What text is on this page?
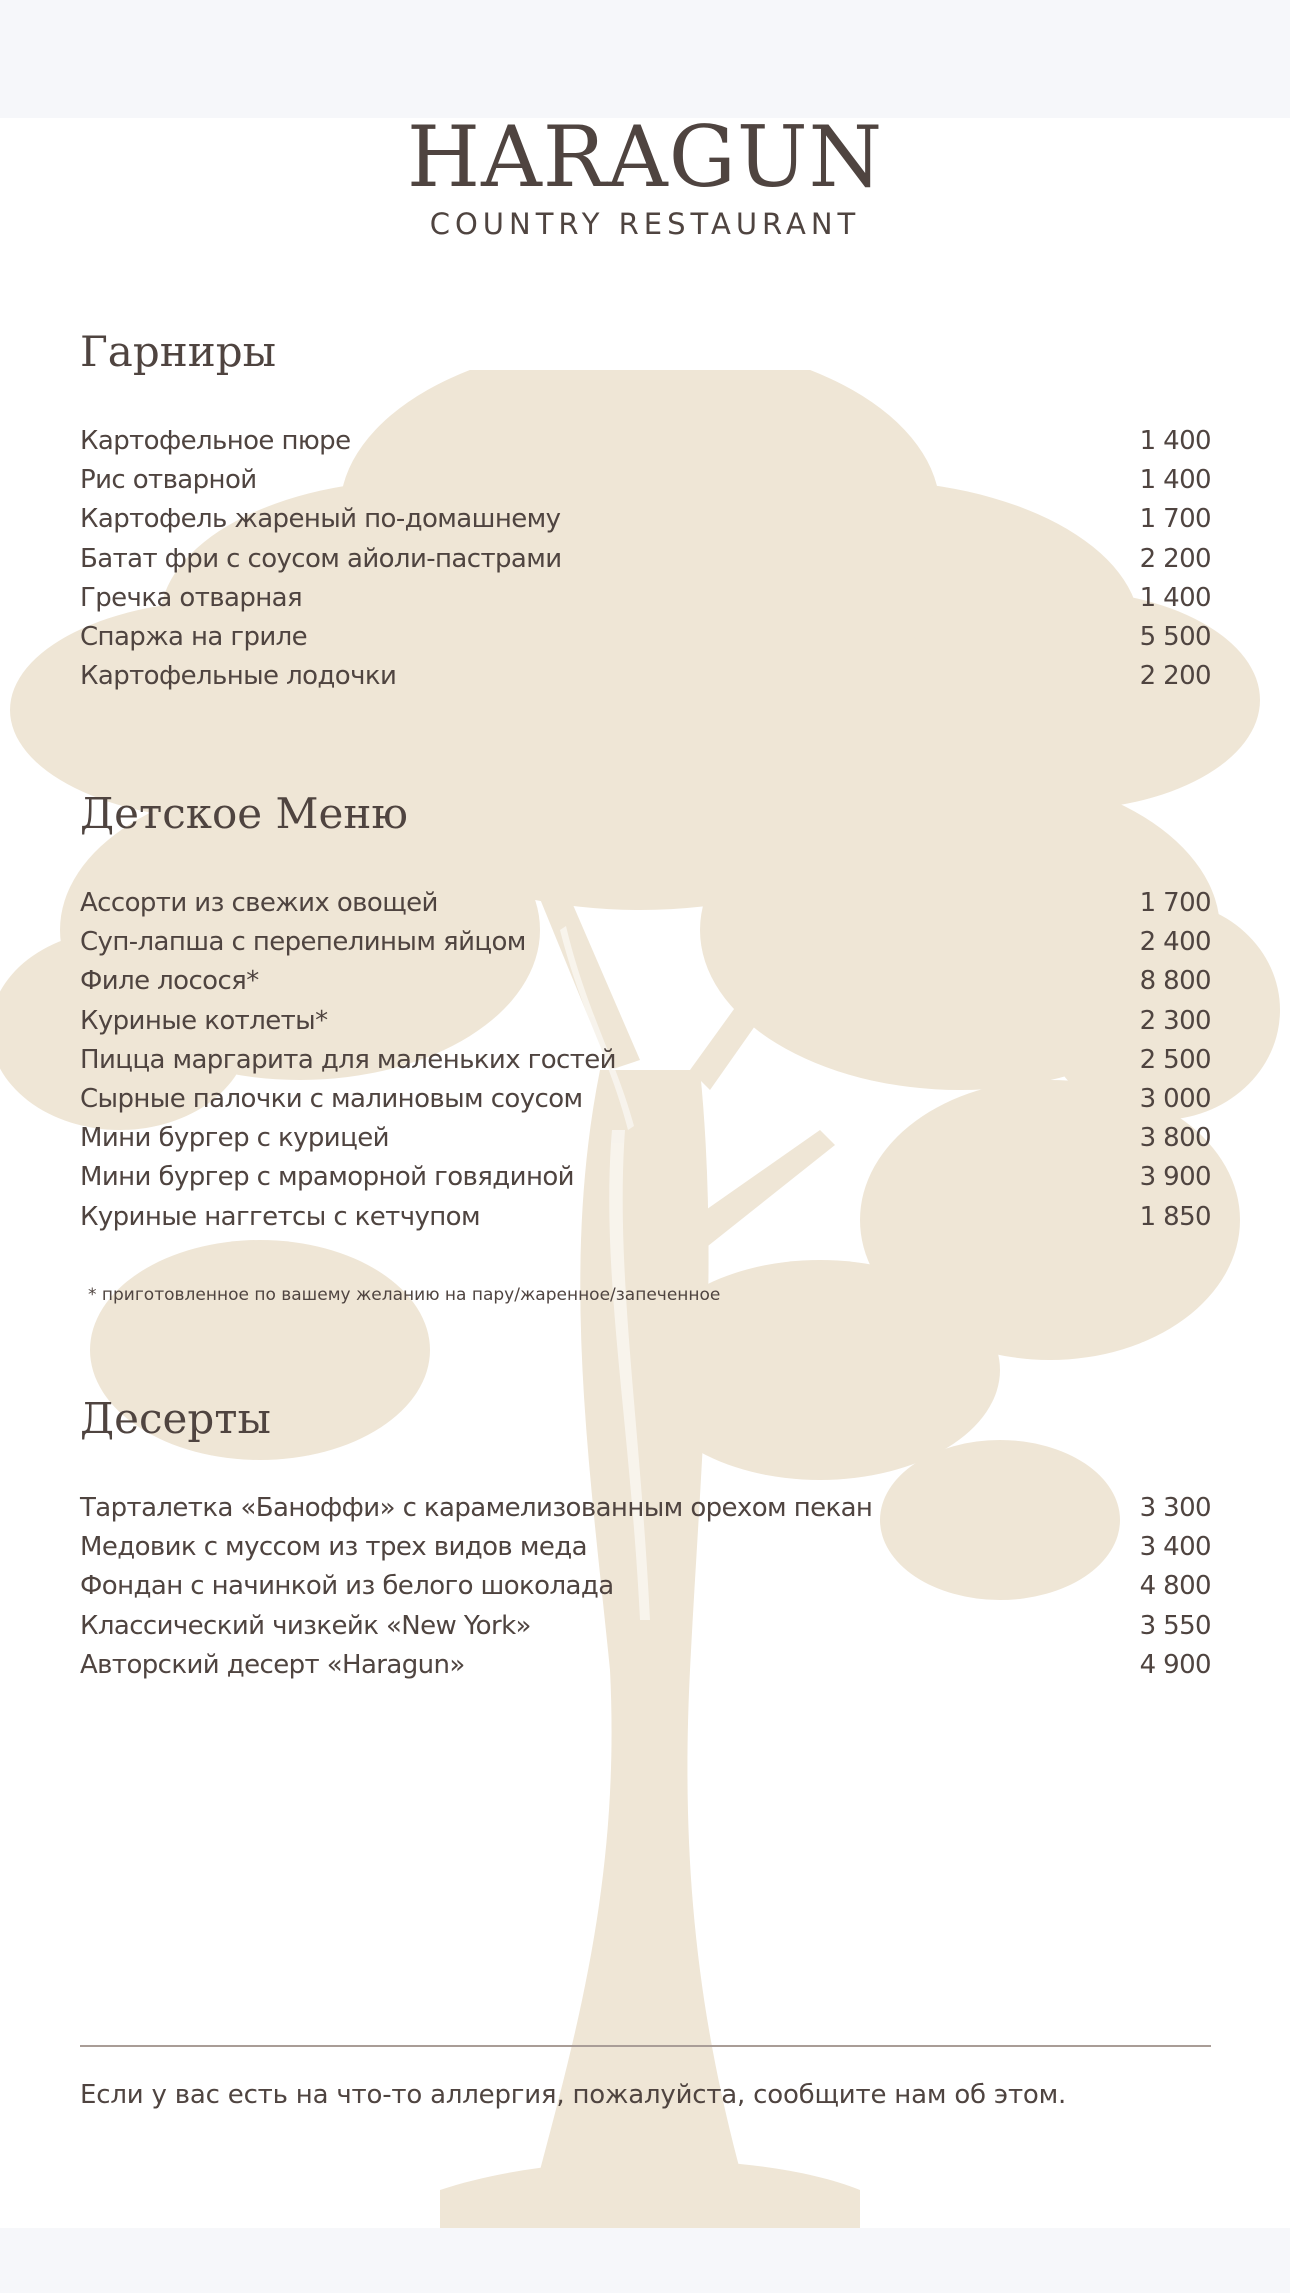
HARAGUN
COUNTRY RESTAURANT
Гарниры
Картофельное пюре	1 400
Рис отварной	1 400
Картофель жареный по-домашнему	1 700
Батат фри с соусом айоли-пастрами	2 200
Гречка отварная	1 400
Спаржа на гриле	5 500
Картофельные лодочки	2 200
Детское Меню
Ассорти из свежих овощей	1 700
Суп-лапша с перепелиным яйцом	2 400
Филе лосося*	8 800
Куриные котлеты*	2 300
Пицца маргарита для маленьких гостей	2 500
Сырные палочки с малиновым соусом	3 000
Мини бургер с курицей	3 800
Мини бургер с мраморной говядиной	3 900
Куриные наггетсы с кетчупом	1 850
* приготовленное по вашему желанию на пару/жаренное/запеченное
Десерты
Тарталетка «Баноффи» с карамелизованным орехом пекан	3 300
Медовик с муссом из трех видов меда	3 400
Фондан с начинкой из белого шоколада	4 800
Классический чизкейк «New York»	3 550
Авторский десерт «Haragun»	4 900
Если у вас есть на что-то аллергия, пожалуйста, сообщите нам об этом.
